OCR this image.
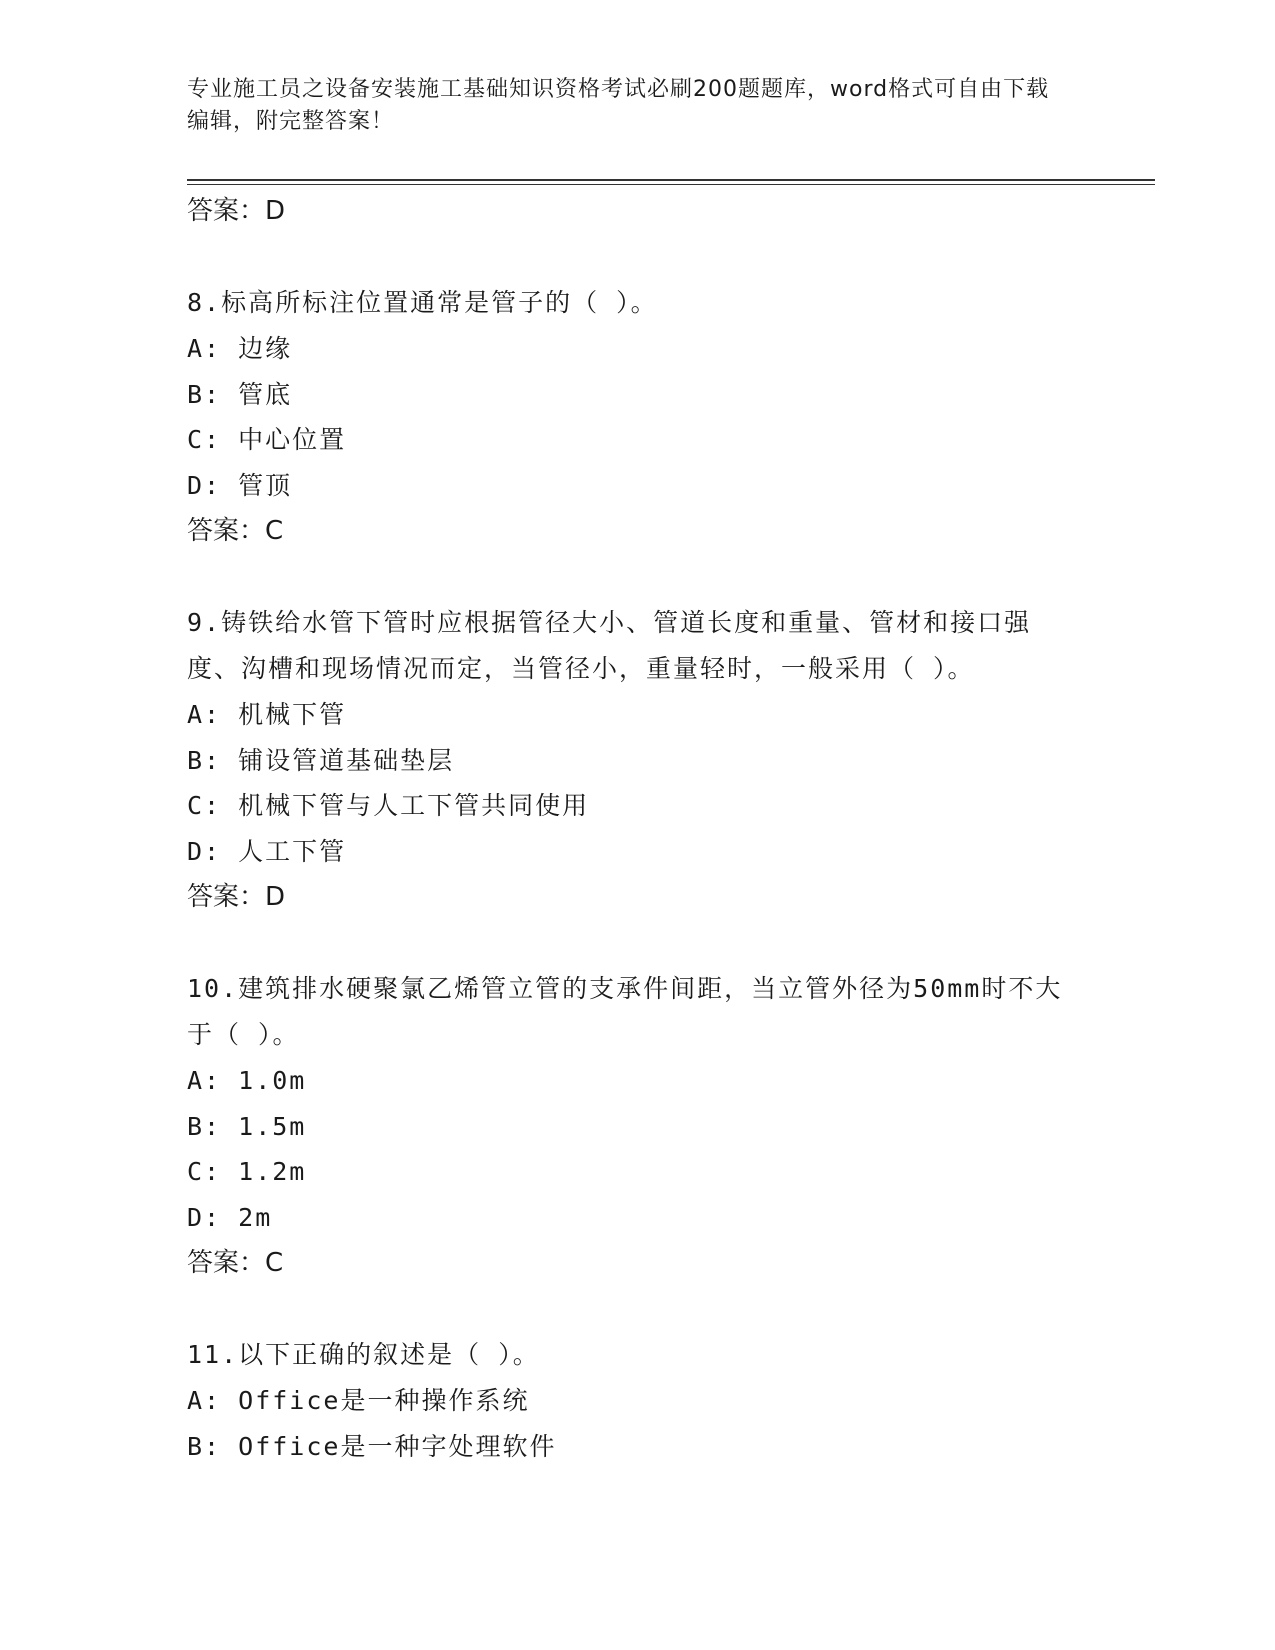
专业施工员之设备安装施工基础知识资格考试必刷200题题库，word格式可自由下载编辑，附完整答案！

答案：D

8.标高所标注位置通常是管子的（ ）。

A: 边缘

B: 管底

C: 中心位置

D: 管顶

答案：C

9.铸铁给水管下管时应根据管径大小、管道长度和重量、管材和接口强度、沟槽和现场情况而定，当管径小，重量轻时，一般采用（ ）。

A: 机械下管

B: 铺设管道基础垫层

C: 机械下管与人工下管共同使用

D: 人工下管

答案：D

10.建筑排水硬聚氯乙烯管立管的支承件间距，当立管外径为50mm时不大于（ ）。

A: 1.0m

B: 1.5m

C: 1.2m

D: 2m

答案：C

11.以下正确的叙述是（ ）。

A: Office是一种操作系统

B: Office是一种字处理软件
